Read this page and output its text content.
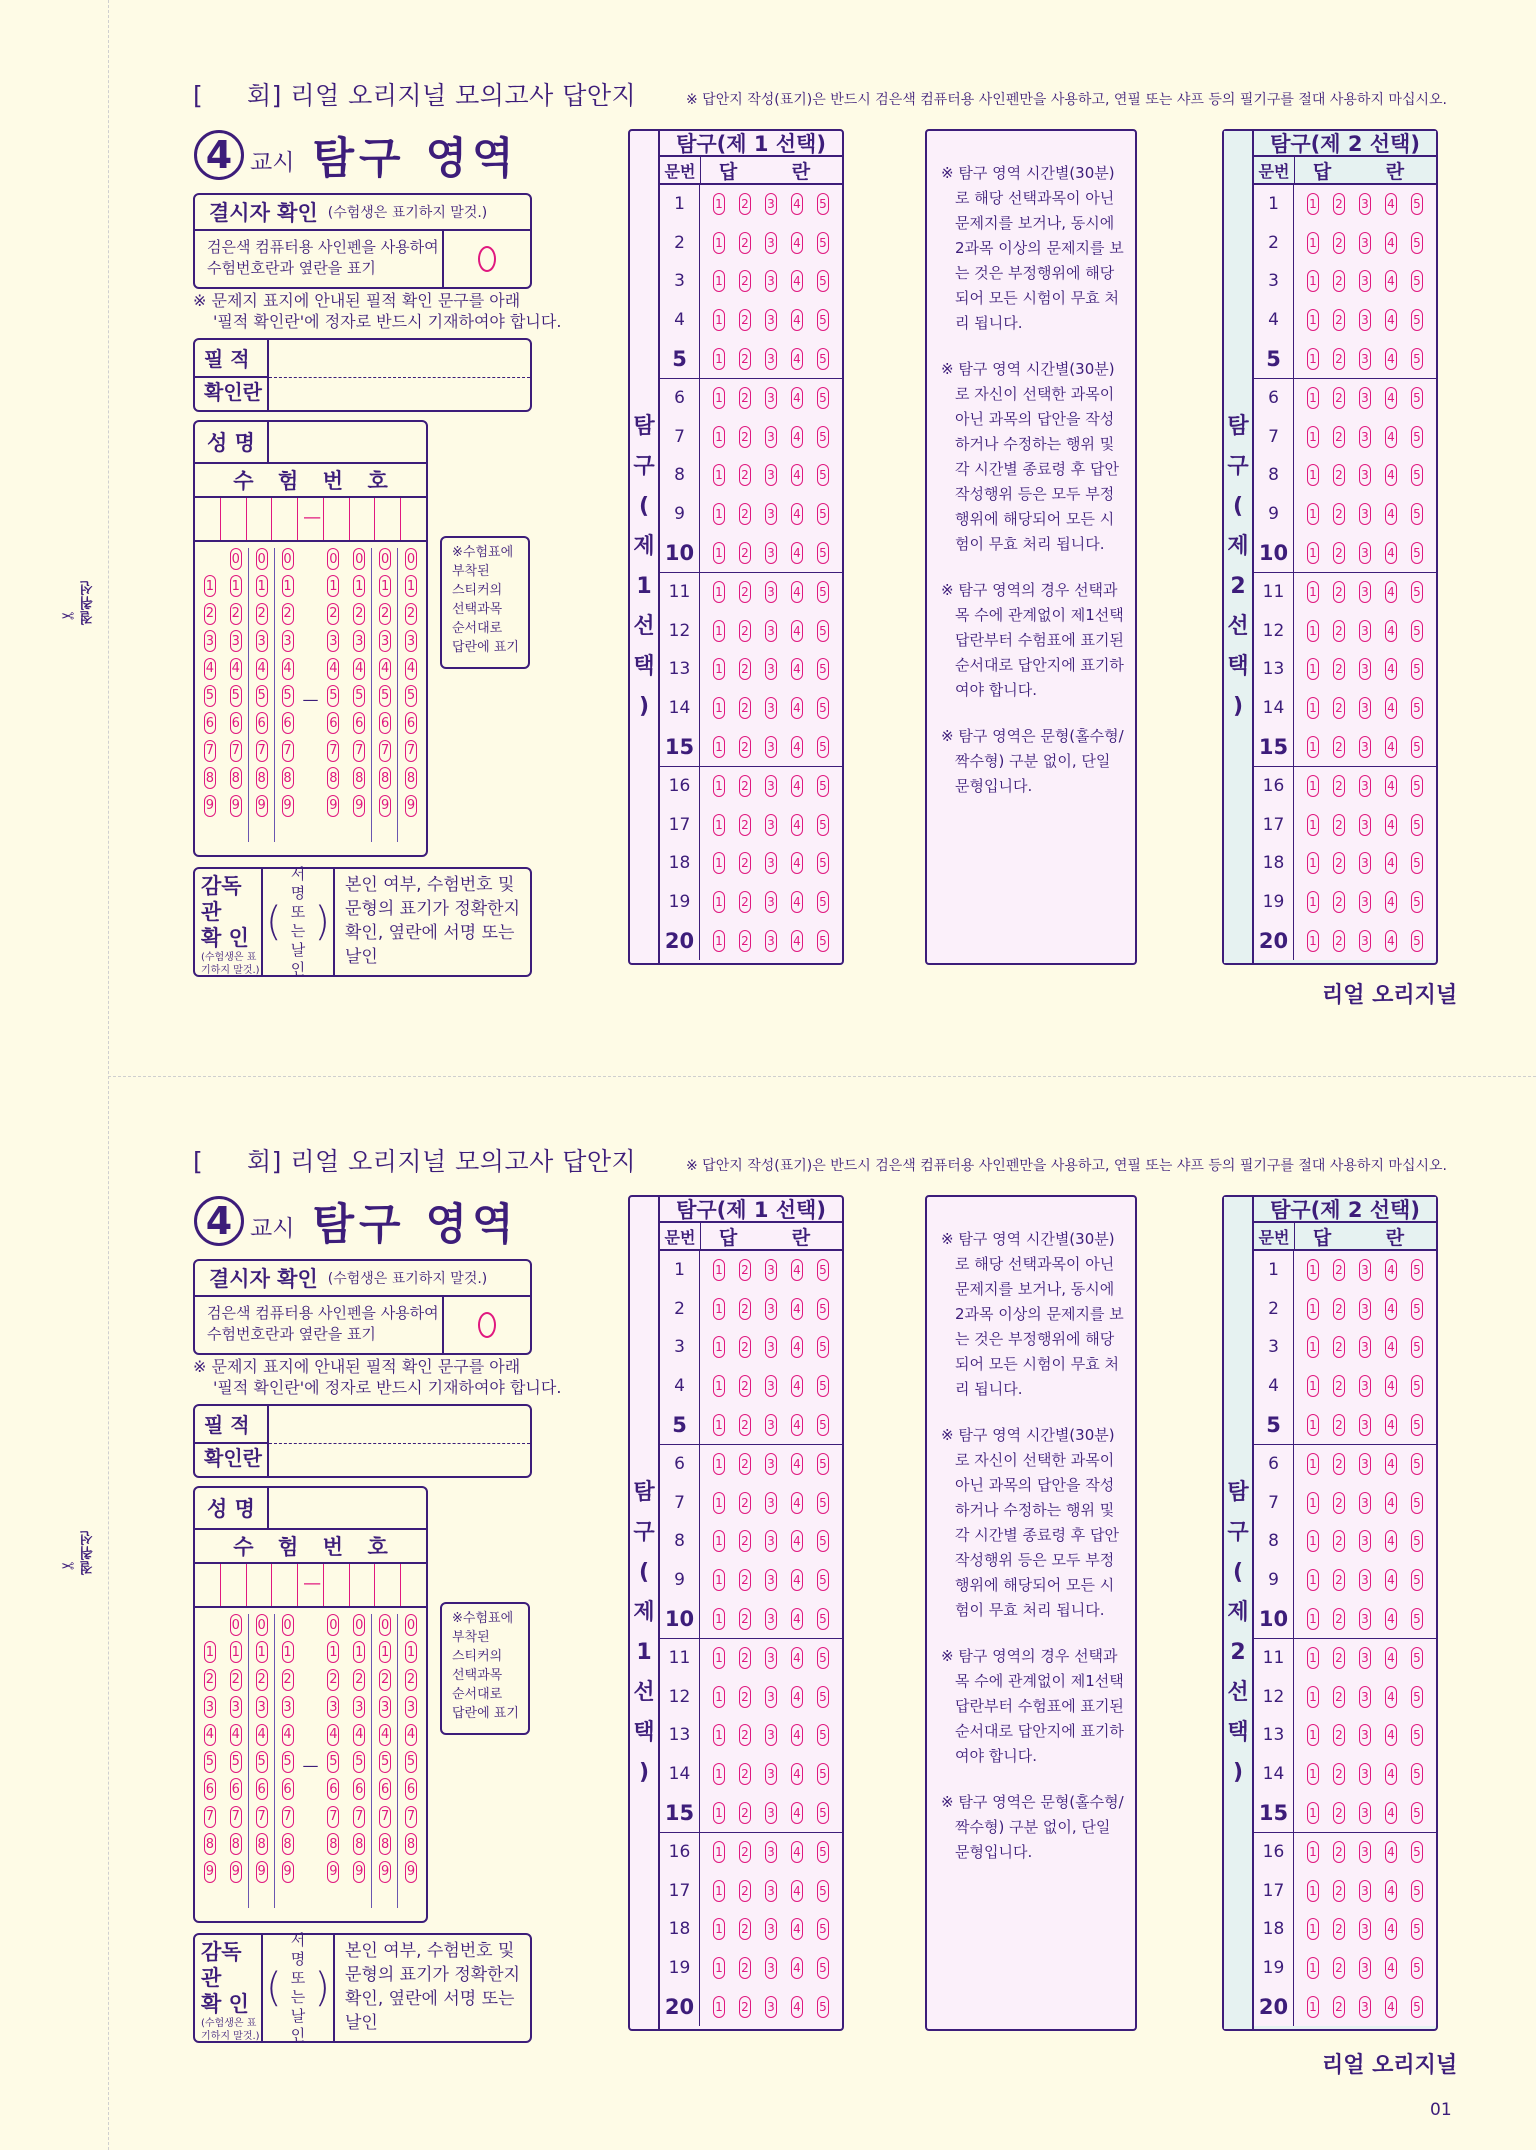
✂ 절취선
✂ 절취선
[ 회] 리얼 오리지널 모의고사 답안지	※ 답안지 작성(표기)은 반드시 검은색 컴퓨터용 사인펜만을 사용하고, 연필 또는 샤프 등의 필기구를 절대 사용하지 마십시오.
4 교시 탐구 영역
결시자 확인 (수험생은 표기하지 말것.)
검은색 컴퓨터용 사인펜을 사용하여
수험번호란과 옆란을 표기
※ 문제지 표지에 안내된 필적 확인 문구를 아래
'필적 확인란'에 정자로 반드시 기재하여야 합니다.
필 적
확인란
성 명
수 험 번 호
—
1
2
3
4
5
6
7
8
9
0
1
2
3
4
5
6
7
8
9
0
1
2
3
4
5
6
7
8
9
0
1
2
3
4
5
6
7
8
9
—
0
1
2
3
4
5
6
7
8
9
0
1
2
3
4
5
6
7
8
9
0
1
2
3
4
5
6
7
8
9
0
1
2
3
4
5
6
7
8
9
※수험표에
부착된
스티커의
선택과목
순서대로
답란에 표기
감독관
확 인
(수험생은 표기하지 말것.)
(
서 명
또는
날 인
)
본인 여부, 수험번호 및
문형의 표기가 정확한지
확인, 옆란에 서명 또는
날인
탐
구
(
제
1
선
택
)
탐구(제 1 선택)
문번	답 란
1	1 2 3 4 5
2	1 2 3 4 5
3	1 2 3 4 5
4	1 2 3 4 5
5	1 2 3 4 5
6	1 2 3 4 5
7	1 2 3 4 5
8	1 2 3 4 5
9	1 2 3 4 5
10	1 2 3 4 5
11	1 2 3 4 5
12	1 2 3 4 5
13	1 2 3 4 5
14	1 2 3 4 5
15	1 2 3 4 5
16	1 2 3 4 5
17	1 2 3 4 5
18	1 2 3 4 5
19	1 2 3 4 5
20	1 2 3 4 5

※ 탐구 영역 시간별(30분)로 해당 선택과목이 아닌 문제지를 보거나, 동시에 2과목 이상의 문제지를 보는 것은 부정행위에 해당되어 모든 시험이 무효 처리 됩니다.

※ 탐구 영역 시간별(30분)로 자신이 선택한 과목이 아닌 과목의 답안을 작성하거나 수정하는 행위 및 각 시간별 종료령 후 답안 작성행위 등은 모두 부정행위에 해당되어 모든 시험이 무효 처리 됩니다.

※ 탐구 영역의 경우 선택과목 수에 관계없이 제1선택 답란부터 수험표에 표기된 순서대로 답안지에 표기하여야 합니다.

※ 탐구 영역은 문형(홀수형/짝수형) 구분 없이, 단일 문형입니다.

탐
구
(
제
2
선
택
)
탐구(제 2 선택)
문번	답 란
1	1 2 3 4 5
2	1 2 3 4 5
3	1 2 3 4 5
4	1 2 3 4 5
5	1 2 3 4 5
6	1 2 3 4 5
7	1 2 3 4 5
8	1 2 3 4 5
9	1 2 3 4 5
10	1 2 3 4 5
11	1 2 3 4 5
12	1 2 3 4 5
13	1 2 3 4 5
14	1 2 3 4 5
15	1 2 3 4 5
16	1 2 3 4 5
17	1 2 3 4 5
18	1 2 3 4 5
19	1 2 3 4 5
20	1 2 3 4 5
리얼 오리지널
[ 회] 리얼 오리지널 모의고사 답안지	※ 답안지 작성(표기)은 반드시 검은색 컴퓨터용 사인펜만을 사용하고, 연필 또는 샤프 등의 필기구를 절대 사용하지 마십시오.
4 교시 탐구 영역
결시자 확인 (수험생은 표기하지 말것.)
검은색 컴퓨터용 사인펜을 사용하여
수험번호란과 옆란을 표기
※ 문제지 표지에 안내된 필적 확인 문구를 아래
'필적 확인란'에 정자로 반드시 기재하여야 합니다.
필 적
확인란
성 명
수 험 번 호
—
1
2
3
4
5
6
7
8
9
0
1
2
3
4
5
6
7
8
9
0
1
2
3
4
5
6
7
8
9
0
1
2
3
4
5
6
7
8
9
—
0
1
2
3
4
5
6
7
8
9
0
1
2
3
4
5
6
7
8
9
0
1
2
3
4
5
6
7
8
9
0
1
2
3
4
5
6
7
8
9
※수험표에
부착된
스티커의
선택과목
순서대로
답란에 표기
감독관
확 인
(수험생은 표기하지 말것.)
(
서 명
또는
날 인
)
본인 여부, 수험번호 및
문형의 표기가 정확한지
확인, 옆란에 서명 또는
날인
탐
구
(
제
1
선
택
)
탐구(제 1 선택)
문번	답 란
1	1 2 3 4 5
2	1 2 3 4 5
3	1 2 3 4 5
4	1 2 3 4 5
5	1 2 3 4 5
6	1 2 3 4 5
7	1 2 3 4 5
8	1 2 3 4 5
9	1 2 3 4 5
10	1 2 3 4 5
11	1 2 3 4 5
12	1 2 3 4 5
13	1 2 3 4 5
14	1 2 3 4 5
15	1 2 3 4 5
16	1 2 3 4 5
17	1 2 3 4 5
18	1 2 3 4 5
19	1 2 3 4 5
20	1 2 3 4 5

※ 탐구 영역 시간별(30분)로 해당 선택과목이 아닌 문제지를 보거나, 동시에 2과목 이상의 문제지를 보는 것은 부정행위에 해당되어 모든 시험이 무효 처리 됩니다.

※ 탐구 영역 시간별(30분)로 자신이 선택한 과목이 아닌 과목의 답안을 작성하거나 수정하는 행위 및 각 시간별 종료령 후 답안 작성행위 등은 모두 부정행위에 해당되어 모든 시험이 무효 처리 됩니다.

※ 탐구 영역의 경우 선택과목 수에 관계없이 제1선택 답란부터 수험표에 표기된 순서대로 답안지에 표기하여야 합니다.

※ 탐구 영역은 문형(홀수형/짝수형) 구분 없이, 단일 문형입니다.

탐
구
(
제
2
선
택
)
탐구(제 2 선택)
문번	답 란
1	1 2 3 4 5
2	1 2 3 4 5
3	1 2 3 4 5
4	1 2 3 4 5
5	1 2 3 4 5
6	1 2 3 4 5
7	1 2 3 4 5
8	1 2 3 4 5
9	1 2 3 4 5
10	1 2 3 4 5
11	1 2 3 4 5
12	1 2 3 4 5
13	1 2 3 4 5
14	1 2 3 4 5
15	1 2 3 4 5
16	1 2 3 4 5
17	1 2 3 4 5
18	1 2 3 4 5
19	1 2 3 4 5
20	1 2 3 4 5
리얼 오리지널
01
